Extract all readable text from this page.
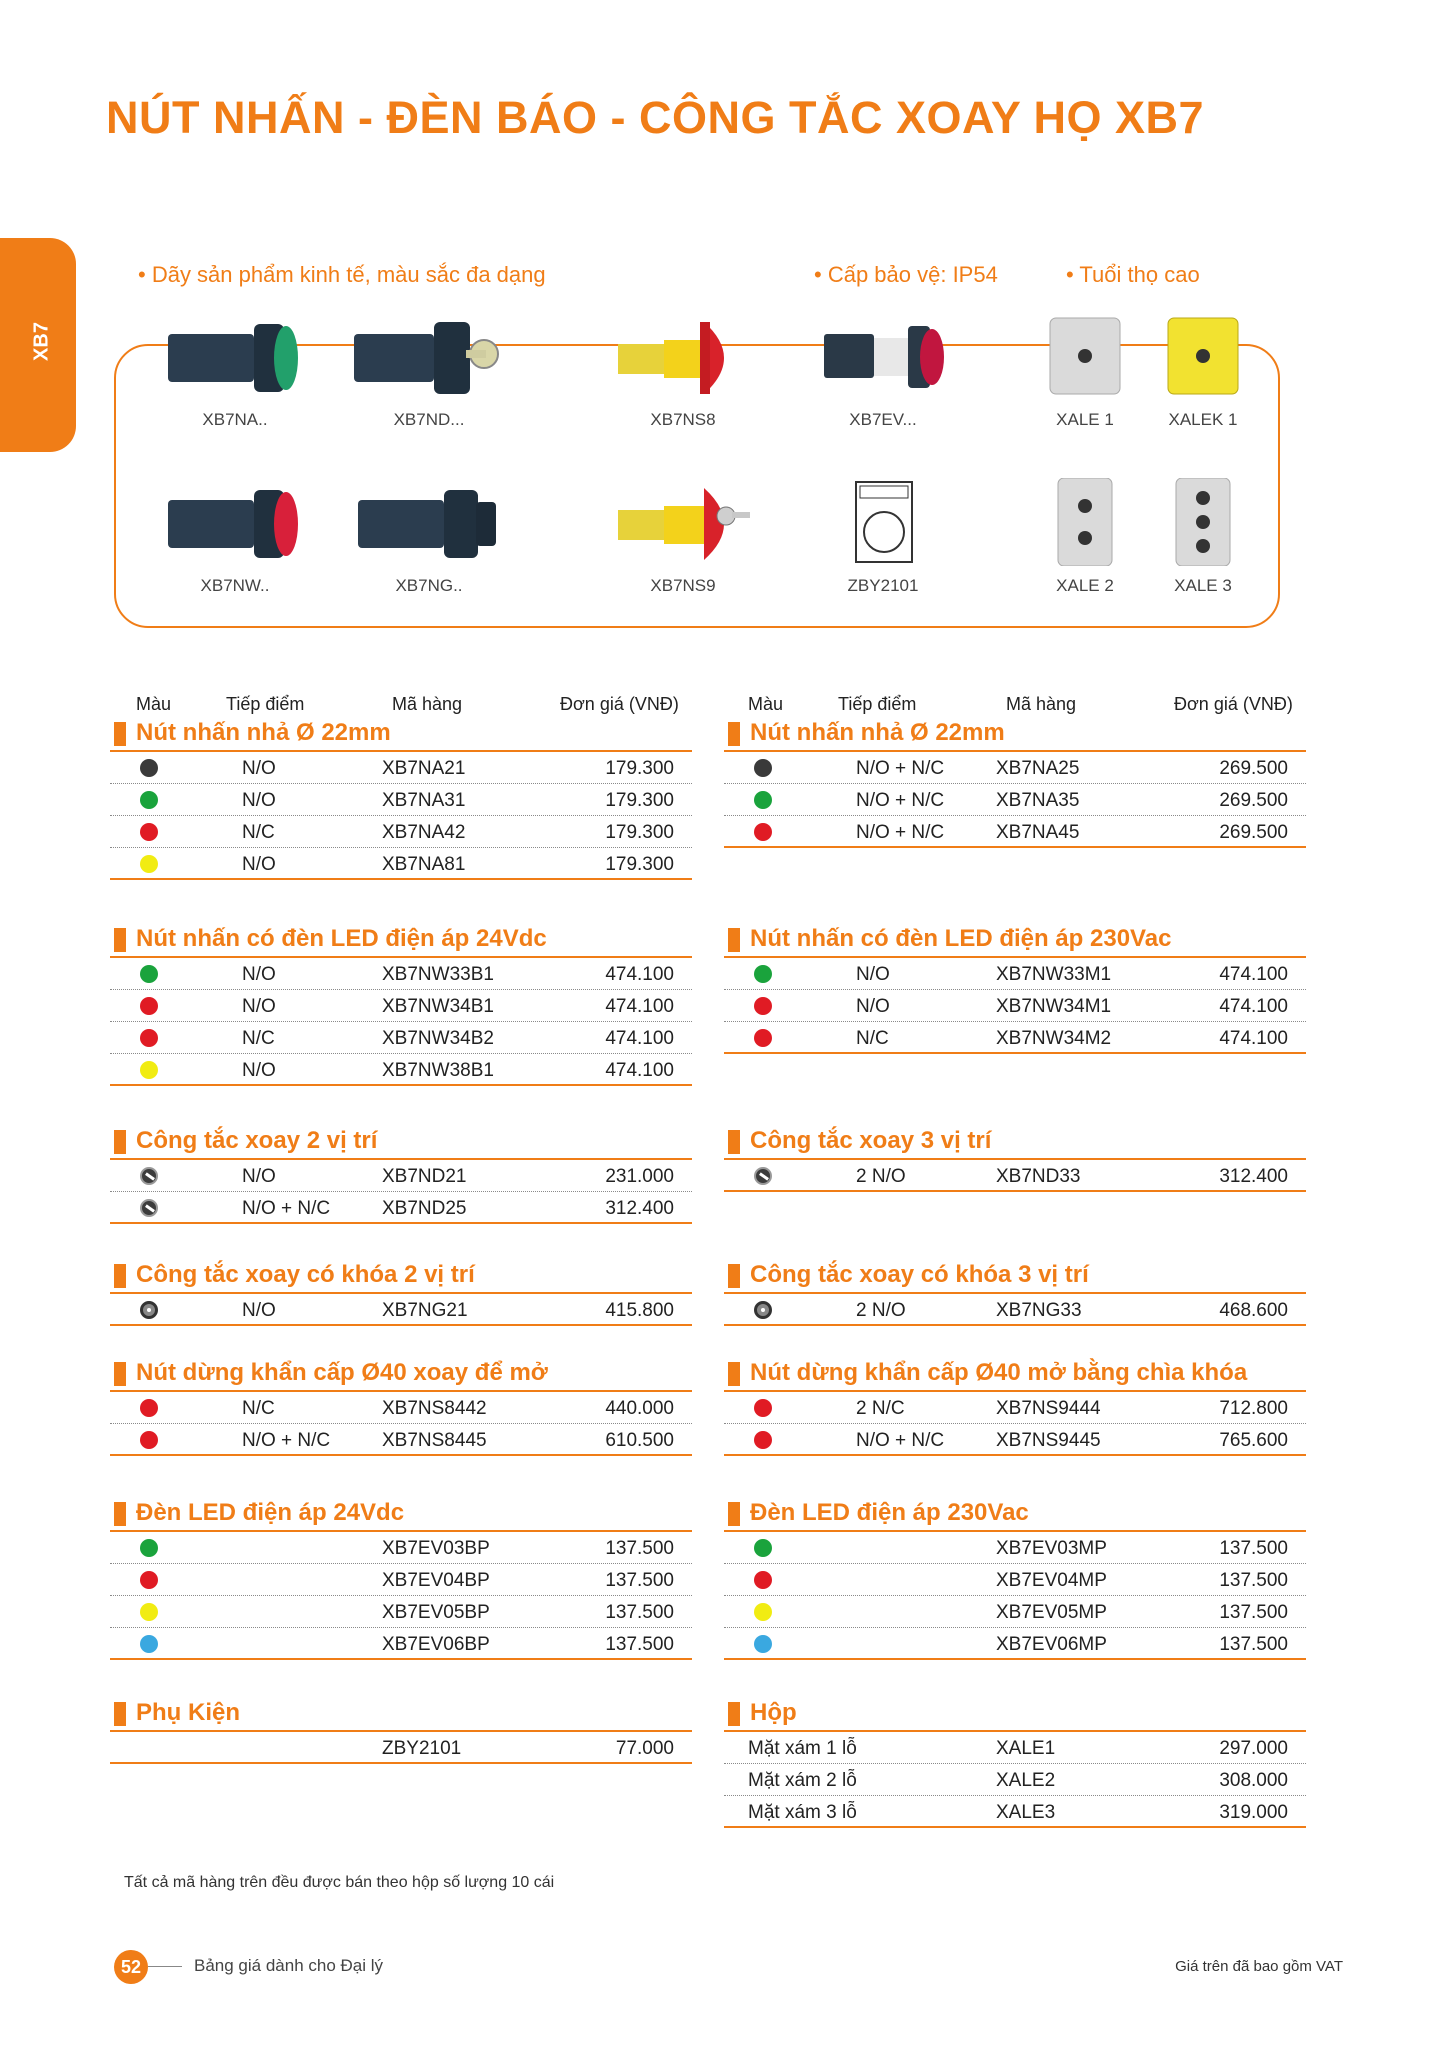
NÚT NHẤN - ĐÈN BÁO - CÔNG TẮC XOAY HỌ XB7
XB7
• Dãy sản phẩm kinh tế, màu sắc đa dạng	• Cấp bảo vệ: IP54	• Tuổi thọ cao
XB7NA..	XB7ND...	XB7NS8	XB7EV...	XALE 1	XALEK 1
XB7NW..	XB7NG..	XB7NS9	ZBY2101	XALE 2	XALE 3
Màu	Tiếp điểm	Mã hàng	Đơn giá (VNĐ)	Màu	Tiếp điểm	Mã hàng	Đơn giá (VNĐ)
Nút nhấn nhả Ø 22mm
N/O	XB7NA21	179.300
N/O	XB7NA31	179.300
N/C	XB7NA42	179.300
N/O	XB7NA81	179.300
Nút nhấn nhả Ø 22mm
N/O + N/C	XB7NA25	269.500
N/O + N/C	XB7NA35	269.500
N/O + N/C	XB7NA45	269.500
Nút nhấn có đèn LED điện áp 24Vdc
N/O	XB7NW33B1	474.100
N/O	XB7NW34B1	474.100
N/C	XB7NW34B2	474.100
N/O	XB7NW38B1	474.100
Nút nhấn có đèn LED điện áp 230Vac
N/O	XB7NW33M1	474.100
N/O	XB7NW34M1	474.100
N/C	XB7NW34M2	474.100
Công tắc xoay 2 vị trí
N/O	XB7ND21	231.000
N/O + N/C	XB7ND25	312.400
Công tắc xoay 3 vị trí
2 N/O	XB7ND33	312.400
Công tắc xoay có khóa 2 vị trí
N/O	XB7NG21	415.800
Công tắc xoay có khóa 3 vị trí
2 N/O	XB7NG33	468.600
Nút dừng khẩn cấp Ø40 xoay để mở
N/C	XB7NS8442	440.000
N/O + N/C	XB7NS8445	610.500
Nút dừng khẩn cấp Ø40 mở bằng chìa khóa
2 N/C	XB7NS9444	712.800
N/O + N/C	XB7NS9445	765.600
Đèn LED điện áp 24Vdc
XB7EV03BP	137.500
XB7EV04BP	137.500
XB7EV05BP	137.500
XB7EV06BP	137.500
Đèn LED điện áp 230Vac
XB7EV03MP	137.500
XB7EV04MP	137.500
XB7EV05MP	137.500
XB7EV06MP	137.500
Phụ Kiện
ZBY2101	77.000
Hộp
Mặt xám 1 lỗ	XALE1	297.000
Mặt xám 2 lỗ	XALE2	308.000
Mặt xám 3 lỗ	XALE3	319.000
Tất cả mã hàng trên đều được bán theo hộp số lượng 10 cái
52	Bảng giá dành cho Đại lý	Giá trên đã bao gồm VAT
